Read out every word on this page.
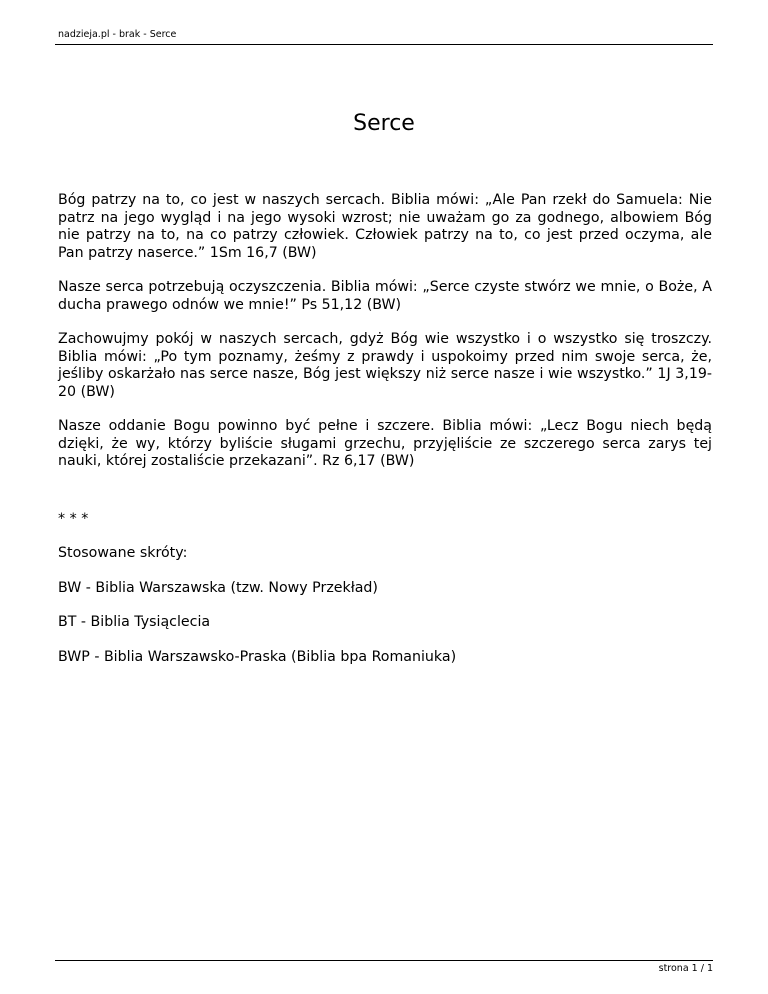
nadzieja.pl - brak - Serce
Serce

Bóg patrzy na to, co jest w naszych sercach. Biblia mówi: „Ale Pan rzekł do Samuela: Nie patrz na jego wygląd i na jego wysoki wzrost; nie uważam go za godnego, albowiem Bóg nie patrzy na to, na co patrzy człowiek. Człowiek patrzy na to, co jest przed oczyma, ale Pan patrzy naserce.” 1Sm 16,7 (BW)

Nasze serca potrzebują oczyszczenia. Biblia mówi: „Serce czyste stwórz we mnie, o Boże, A ducha prawego odnów we mnie!” Ps 51,12 (BW)

Zachowujmy pokój w naszych sercach, gdyż Bóg wie wszystko i o wszystko się troszczy. Biblia mówi: „Po tym poznamy, żeśmy z prawdy i uspokoimy przed nim swoje serca, że, jeśliby oskarżało nas serce nasze, Bóg jest większy niż serce nasze i wie wszystko.” 1J 3,19-20 (BW)

Nasze oddanie Bogu powinno być pełne i szczere. Biblia mówi: „Lecz Bogu niech będą dzięki, że wy, którzy byliście sługami grzechu, przyjęliście ze szczerego serca zarys tej nauki, której zostaliście przekazani”. Rz 6,17 (BW)

* * *

Stosowane skróty:

BW - Biblia Warszawska (tzw. Nowy Przekład)

BT - Biblia Tysiąclecia

BWP - Biblia Warszawsko-Praska (Biblia bpa Romaniuka)

strona 1 / 1
